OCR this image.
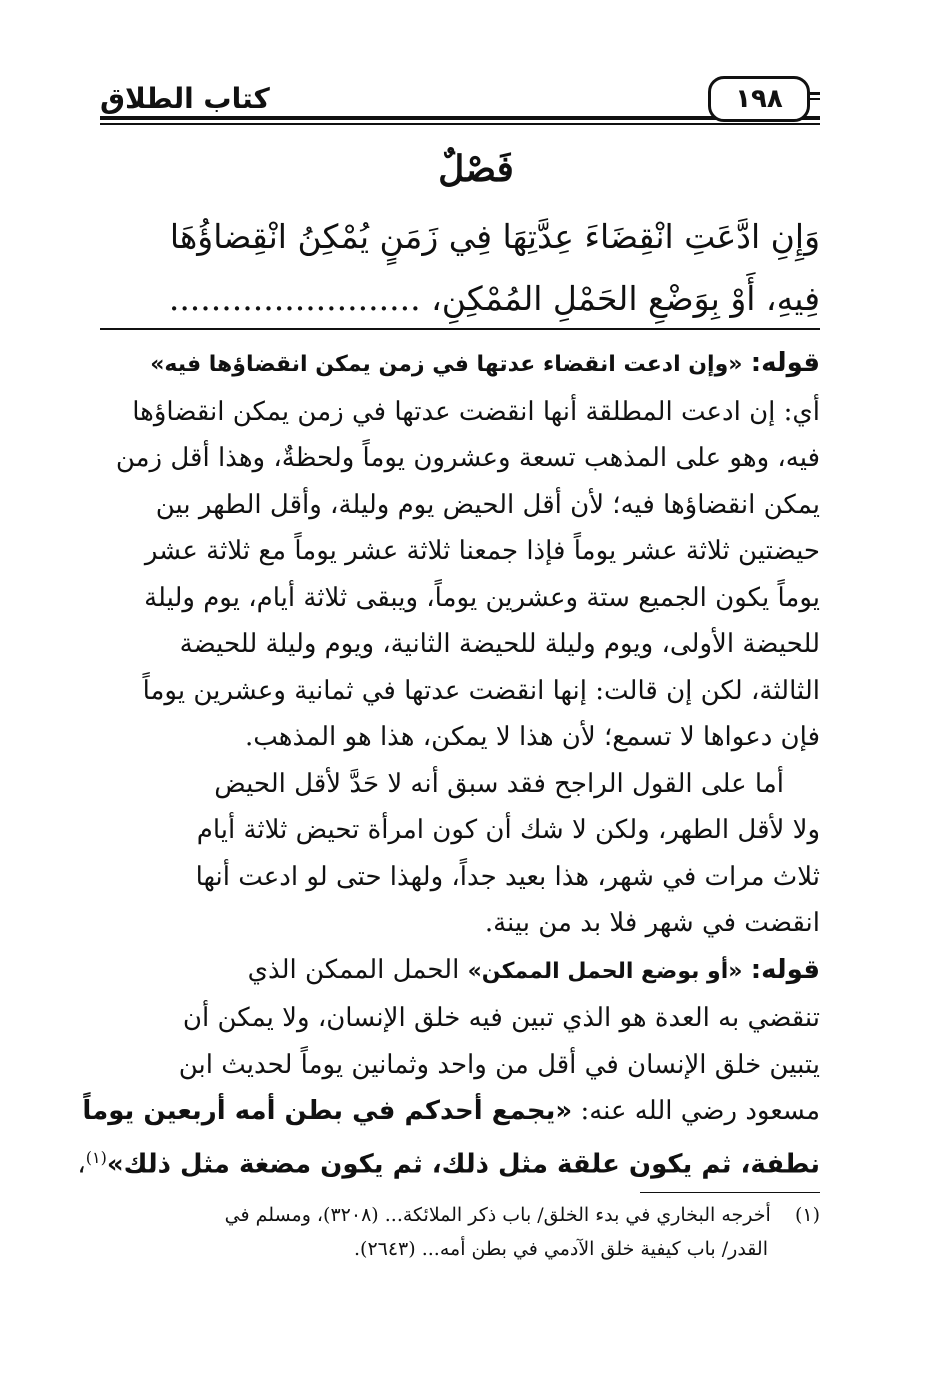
كتاب الطلاق	١٩٨
فَصْلٌ

وَإِنِ ادَّعَتِ انْقِضَاءَ عِدَّتِهَا فِي زَمَنٍ يُمْكِنُ انْقِضاؤُهَا

فِيهِ، أَوْ بِوَضْعِ الحَمْلِ المُمْكِنِ، ........................

قوله: «وإن ادعت انقضاء عدتها في زمن يمكن انقضاؤها فيه»
أي: إن ادعت المطلقة أنها انقضت عدتها في زمن يمكن انقضاؤها
فيه، وهو على المذهب تسعة وعشرون يوماً ولحظةٌ، وهذا أقل زمن
يمكن انقضاؤها فيه؛ لأن أقل الحيض يوم وليلة، وأقل الطهر بين
حيضتين ثلاثة عشر يوماً فإذا جمعنا ثلاثة عشر يوماً مع ثلاثة عشر
يوماً يكون الجميع ستة وعشرين يوماً، ويبقى ثلاثة أيام، يوم وليلة
للحيضة الأولى، ويوم وليلة للحيضة الثانية، ويوم وليلة للحيضة
الثالثة، لكن إن قالت: إنها انقضت عدتها في ثمانية وعشرين يوماً
فإن دعواها لا تسمع؛ لأن هذا لا يمكن، هذا هو المذهب.

أما على القول الراجح فقد سبق أنه لا حَدَّ لأقل الحيض
ولا لأقل الطهر، ولكن لا شك أن كون امرأة تحيض ثلاثة أيام
ثلاث مرات في شهر، هذا بعيد جداً، ولهذا حتى لو ادعت أنها
انقضت في شهر فلا بد من بينة.

قوله: «أو بوضع الحمل الممكن» الحمل الممكن الذي
تنقضي به العدة هو الذي تبين فيه خلق الإنسان، ولا يمكن أن
يتبين خلق الإنسان في أقل من واحد وثمانين يوماً لحديث ابن
مسعود رضي الله عنه: «يجمع أحدكم في بطن أمه أربعين يوماً
نطفة، ثم يكون علقة مثل ذلك، ثم يكون مضغة مثل ذلك»$^{(١)}$،

(١)    أخرجه البخاري في بدء الخلق/ باب ذكر الملائكة... (٣٢٠٨)، ومسلم في
القدر/ باب كيفية خلق الآدمي في بطن أمه... (٢٦٤٣).
